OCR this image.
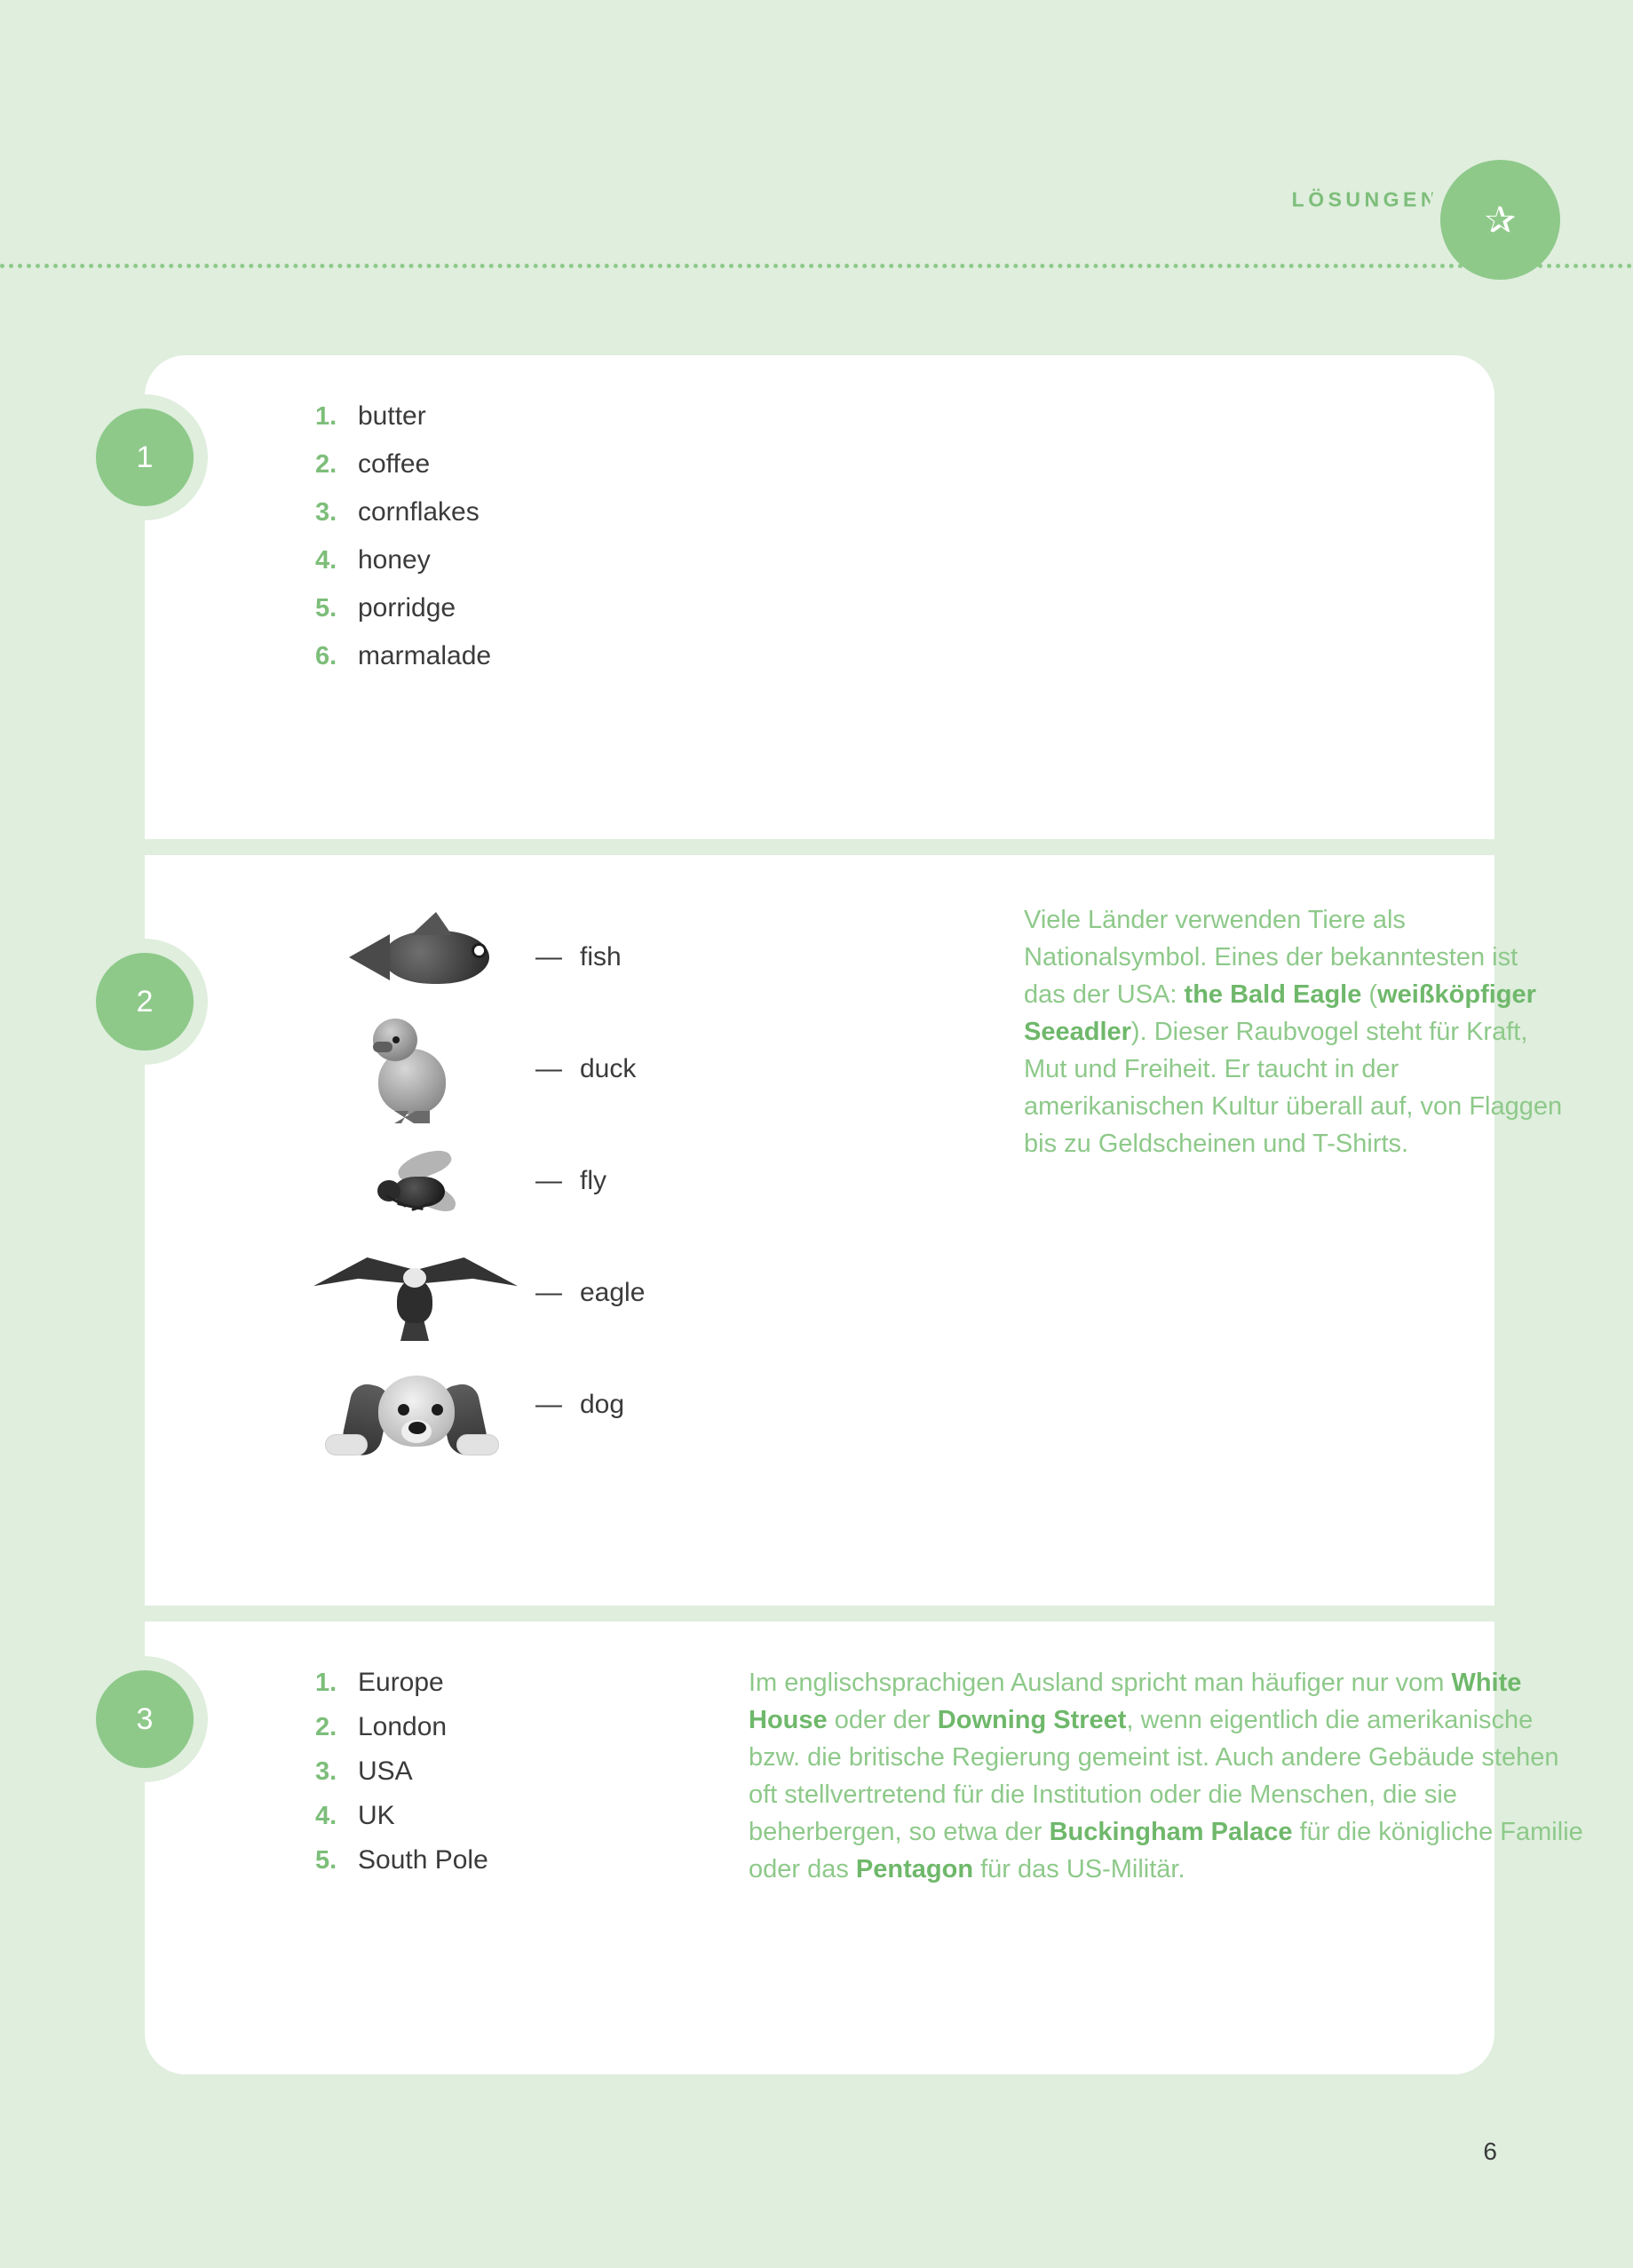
LÖSUNGEN ✰
1
1. butter
2. coffee
3. cornflakes
4. honey
5. porridge
6. marmalade
2
— fish
— duck
— fly
— eagle
— dog
Viele Länder verwenden Tiere als Nationalsymbol. Eines der bekanntesten ist das der USA: the Bald Eagle (weißköpfiger Seeadler). Dieser Raubvogel steht für Kraft, Mut und Freiheit. Er taucht in der amerikanischen Kultur überall auf, von Flaggen bis zu Geldscheinen und T-Shirts.
3
1. Europe
2. London
3. USA
4. UK
5. South Pole
Im englischsprachigen Ausland spricht man häufiger nur vom White House oder der Downing Street, wenn eigentlich die amerikanische bzw. die britische Regierung gemeint ist. Auch andere Gebäude stehen oft stellvertretend für die Institution oder die Menschen, die sie beherbergen, so etwa der Buckingham Palace für die königliche Familie oder das Pentagon für das US-Militär.
6
